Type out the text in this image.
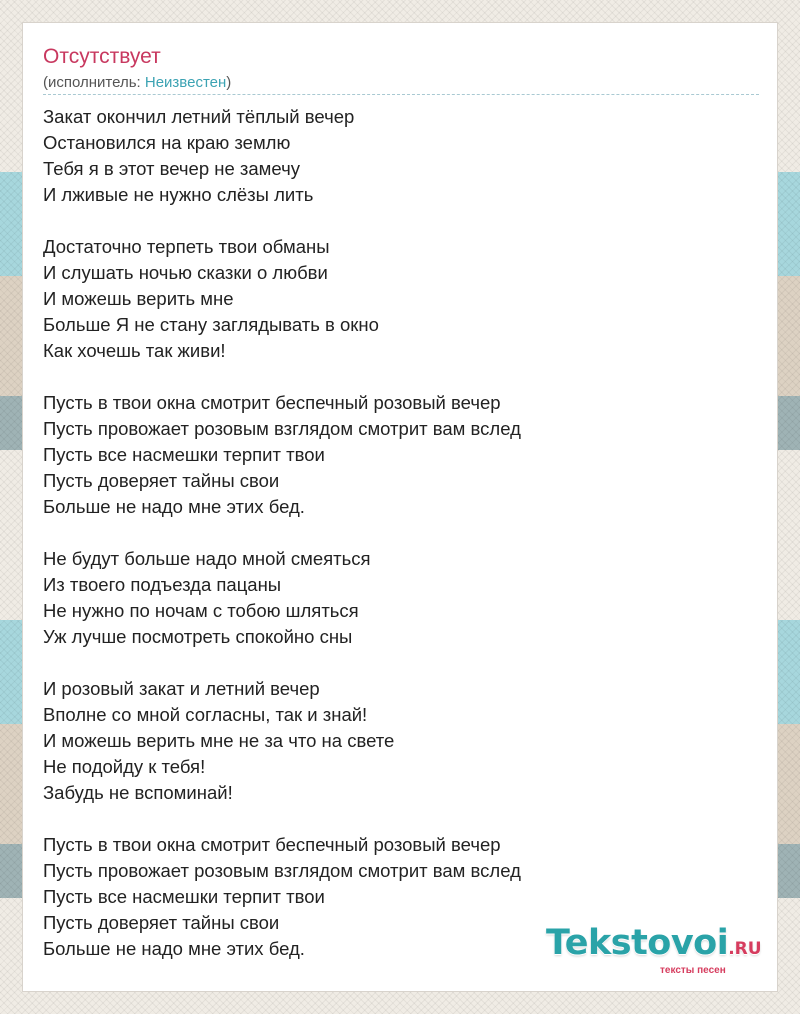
Отсутствует
(исполнитель: Неизвестен)
Закат окончил летний тёплый вечер
Остановился на краю землю
Тебя я в этот вечер не замечу
И лживые не нужно слёзы лить
Достаточно терпеть твои обманы
И слушать ночью сказки о любви
И можешь верить мне
Больше Я не стану заглядывать в окно
Как хочешь так живи!
Пусть в твои окна смотрит беспечный розовый вечер
Пусть провожает розовым взглядом смотрит вам вслед
Пусть все насмешки терпит твои
Пусть доверяет тайны свои
Больше не надо мне этих бед.
Не будут больше надо мной смеяться
Из твоего подъезда пацаны
Не нужно по ночам с тобою шляться
Уж лучше посмотреть спокойно сны
И розовый закат и летний вечер
Вполне со мной согласны, так и знай!
И можешь верить мне не за что на свете
Не подойду к тебя!
Забудь не вспоминай!
Пусть в твои окна смотрит беспечный розовый вечер
Пусть провожает розовым взглядом смотрит вам вслед
Пусть все насмешки терпит твои
Пусть доверяет тайны свои
Больше не надо мне этих бед.	Tekstovoi.RU
тексты песен
